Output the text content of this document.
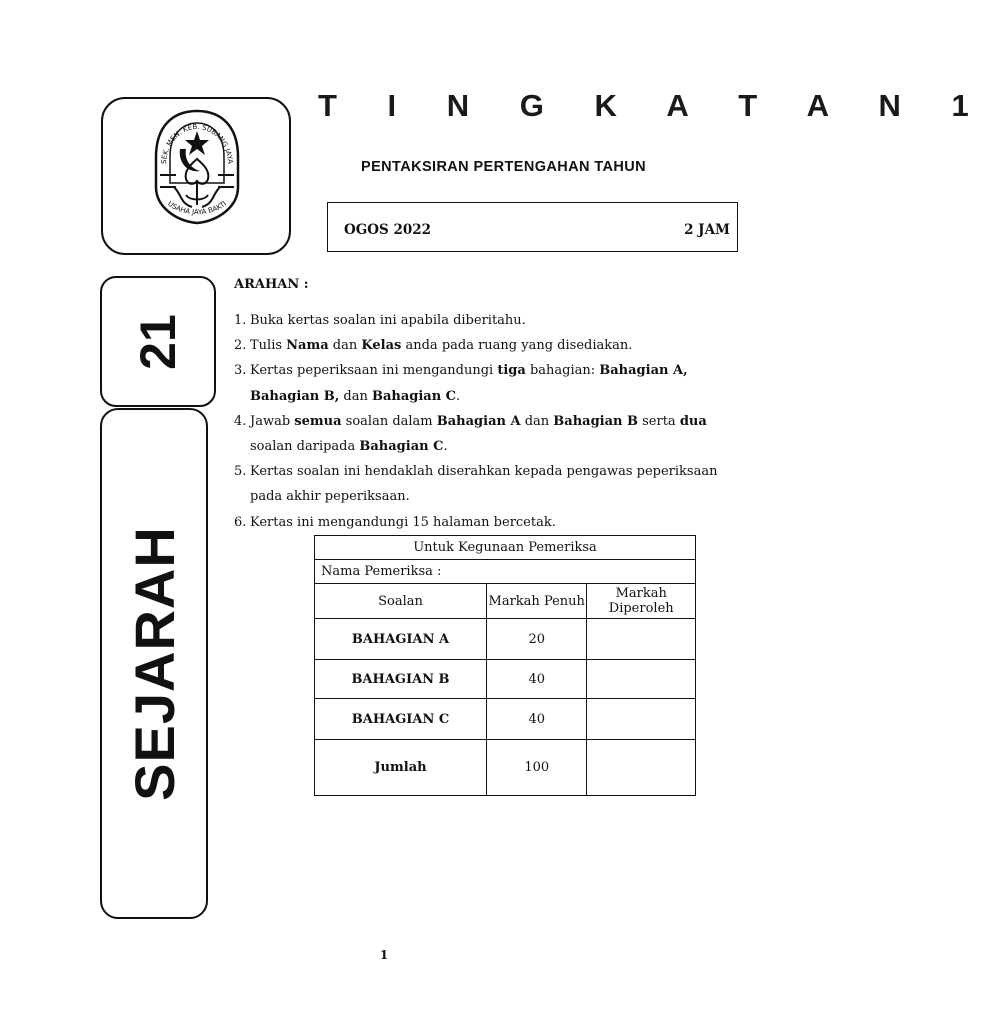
SEK. MEN. KEB. SUBANG JAYA
USAHA JAYA BAKTI
T I N G K A T A N 1
PENTAKSIRAN PERTENGAHAN TAHUN
OGOS 2022	2 JAM
21
SEJARAH
ARAHAN :
1. Buka kertas soalan ini apabila diberitahu.
2. Tulis Nama dan Kelas anda pada ruang yang disediakan.
3. Kertas peperiksaan ini mengandungi tiga bahagian: Bahagian A, Bahagian B, dan Bahagian C.
4. Jawab semua soalan dalam Bahagian A dan Bahagian B serta dua soalan daripada Bahagian C.
5. Kertas soalan ini hendaklah diserahkan kepada pengawas peperiksaan pada akhir peperiksaan.
6. Kertas ini mengandungi 15 halaman bercetak.
Untuk Kegunaan Pemeriksa		
Nama Pemeriksa :		
Soalan	Markah Penuh	Markah Diperoleh
BAHAGIAN A	20	
BAHAGIAN B	40	
BAHAGIAN C	40	
Jumlah	100	
1
